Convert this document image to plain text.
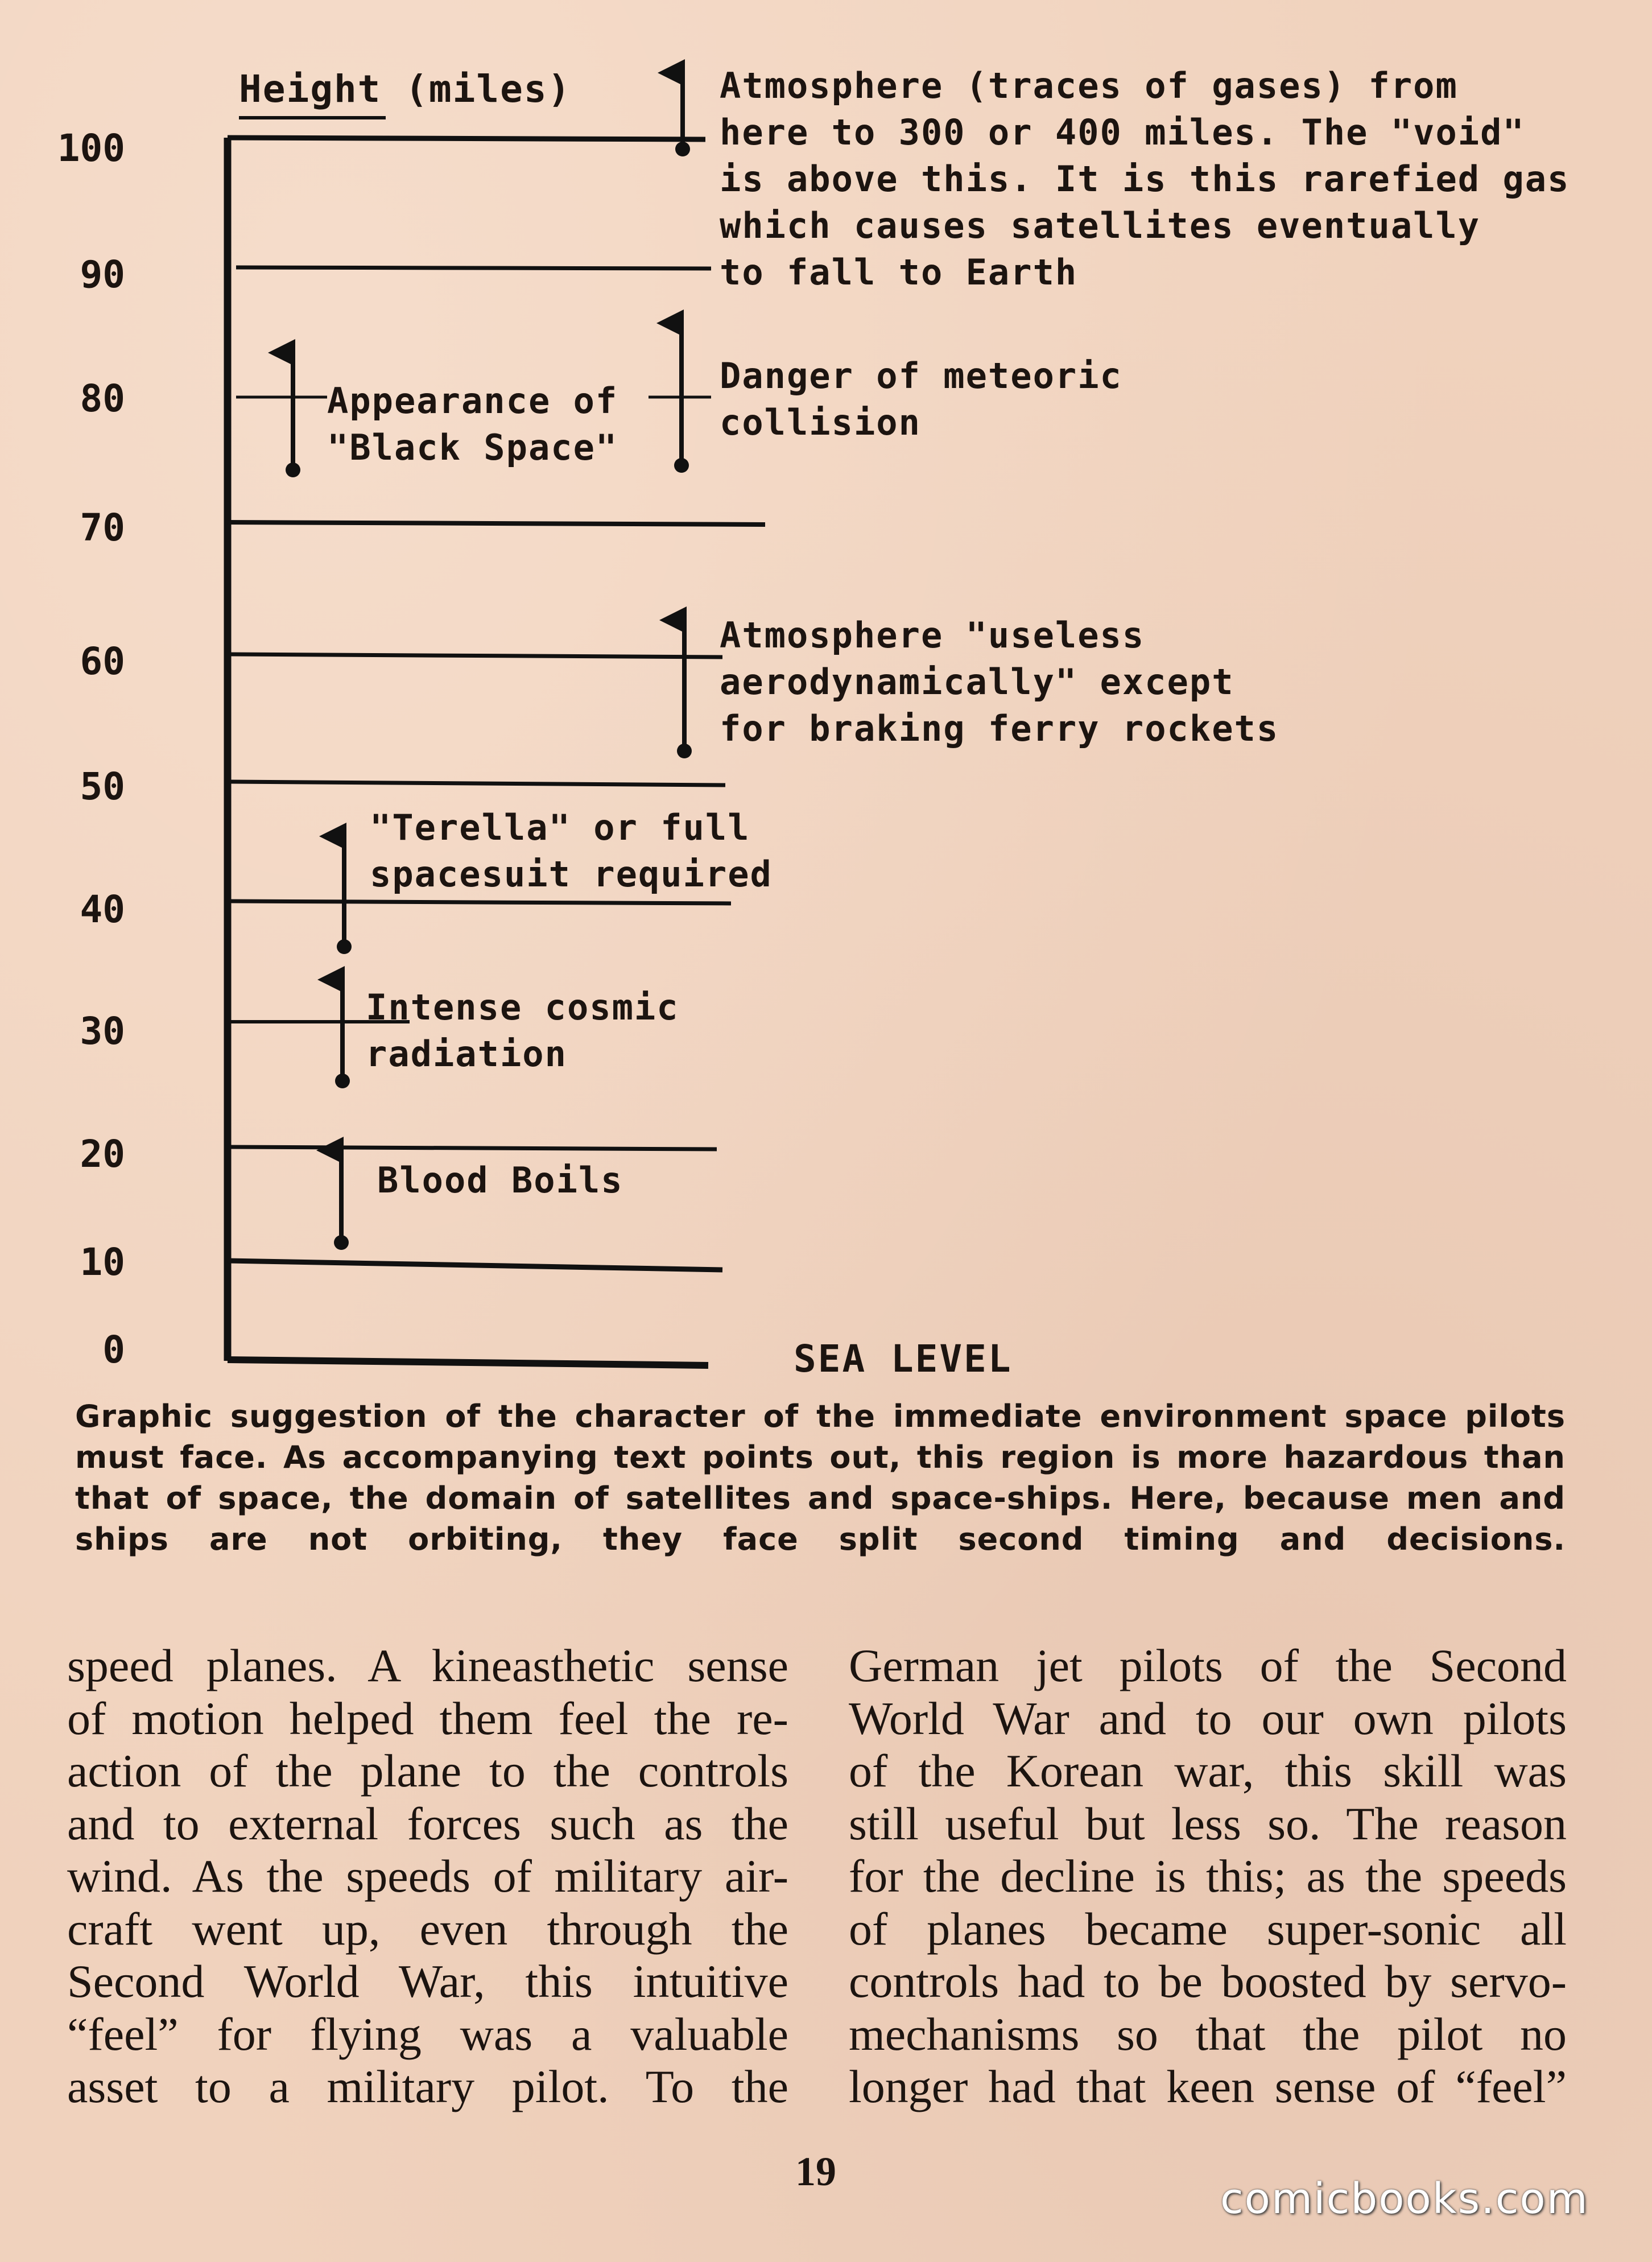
Height (miles)
100
90
80
70
60
50
40
30
20
10
0
Atmosphere (traces of gases) from
here to 300 or 400 miles. The "void"
is above this. It is this rarefied gas
which causes satellites eventually
to fall to Earth
Appearance of
"Black Space"
Danger of meteoric
collision
Atmosphere "useless
aerodynamically" except
for braking ferry rockets
"Terella" or full
spacesuit required
Intense cosmic
radiation
Blood Boils
SEA LEVEL
Graphic suggestion of the character of the immediate environment space pilots must face. As accompanying text points out, this region is more hazardous than that of space, the domain of satellites and space-ships. Here, because men and ships are not orbiting, they face split second timing and decisions.
speed planes. A kineasthetic sense
of motion helped them feel the re-
action of the plane to the controls
and to external forces such as the
wind. As the speeds of military air-
craft went up, even through the
Second World War, this intuitive
“feel” for flying was a valuable
asset to a military pilot. To the
German jet pilots of the Second
World War and to our own pilots
of the Korean war, this skill was
still useful but less so. The reason
for the decline is this; as the speeds
of planes became super-sonic all
controls had to be boosted by servo-
mechanisms so that the pilot no
longer had that keen sense of “feel”
19
comicbooks.com
